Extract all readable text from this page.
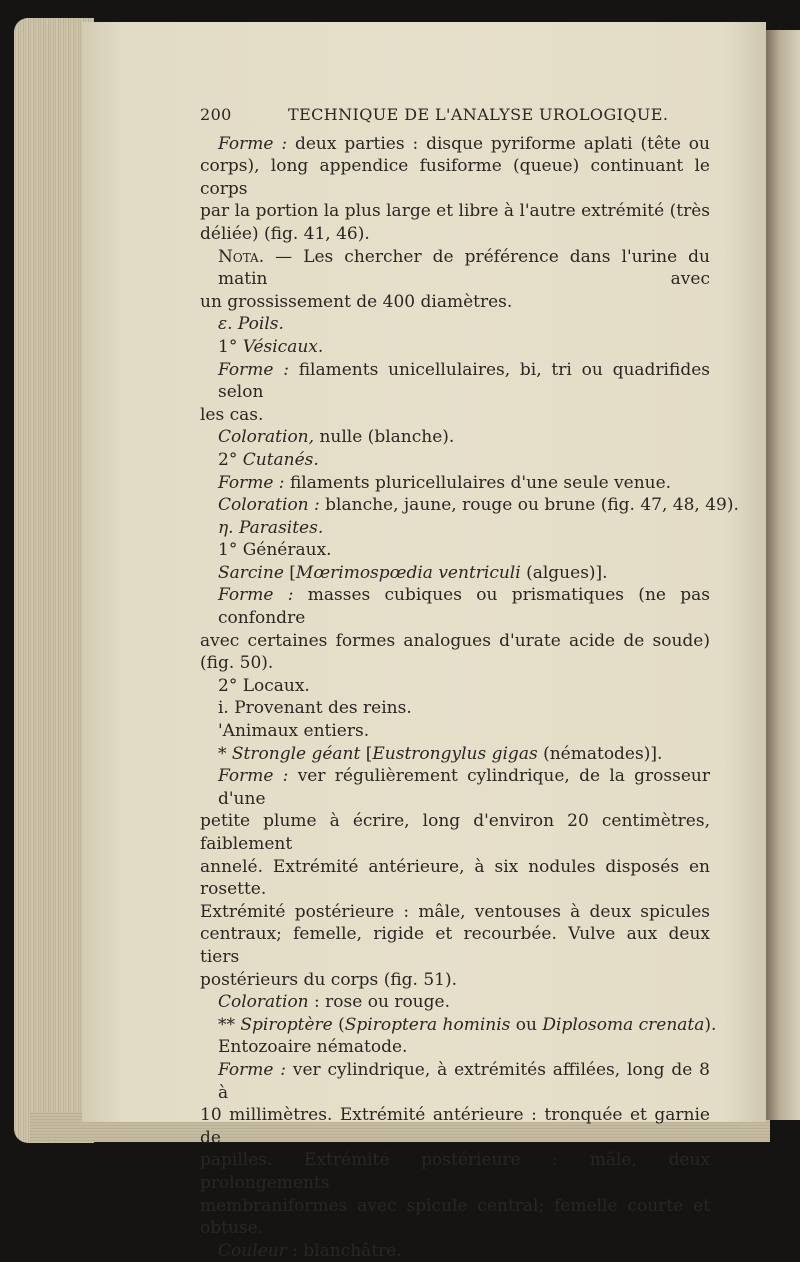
200	TECHNIQUE DE L'ANALYSE UROLOGIQUE.
Forme : deux parties : disque pyriforme aplati (tête ou
corps), long appendice fusiforme (queue) continuant le corps
par la portion la plus large et libre à l'autre extrémité (très
déliée) (fig. 41, 46).
Nota. — Les chercher de préférence dans l'urine du matin avec
un grossissement de 400 diamètres.
ε. Poils.
1° Vésicaux.
Forme : filaments unicellulaires, bi, tri ou quadrifides selon
les cas.
Coloration, nulle (blanche).
2° Cutanés.
Forme : filaments pluricellulaires d'une seule venue.
Coloration : blanche, jaune, rouge ou brune (fig. 47, 48, 49).
η. Parasites.
1° Généraux.
Sarcine [Mœrimospœdia ventriculi (algues)].
Forme : masses cubiques ou prismatiques (ne pas confondre
avec certaines formes analogues d'urate acide de soude)
(fig. 50).
2° Locaux.
i. Provenant des reins.
'Animaux entiers.
* Strongle géant [Eustrongylus gigas (nématodes)].
Forme : ver régulièrement cylindrique, de la grosseur d'une
petite plume à écrire, long d'environ 20 centimètres, faiblement
annelé. Extrémité antérieure, à six nodules disposés en rosette.
Extrémité postérieure : mâle, ventouses à deux spicules
centraux; femelle, rigide et recourbée. Vulve aux deux tiers
postérieurs du corps (fig. 51).
Coloration : rose ou rouge.
** Spiroptère (Spiroptera hominis ou Diplosoma crenata).
Entozoaire nématode.
Forme : ver cylindrique, à extrémités affilées, long de 8 à
10 millimètres. Extrémité antérieure : tronquée et garnie de
papilles. Extrémité postérieure : mâle, deux prolongements
membraniformes avec spicule central; femelle courte et obtuse.
Couleur : blanchâtre.
